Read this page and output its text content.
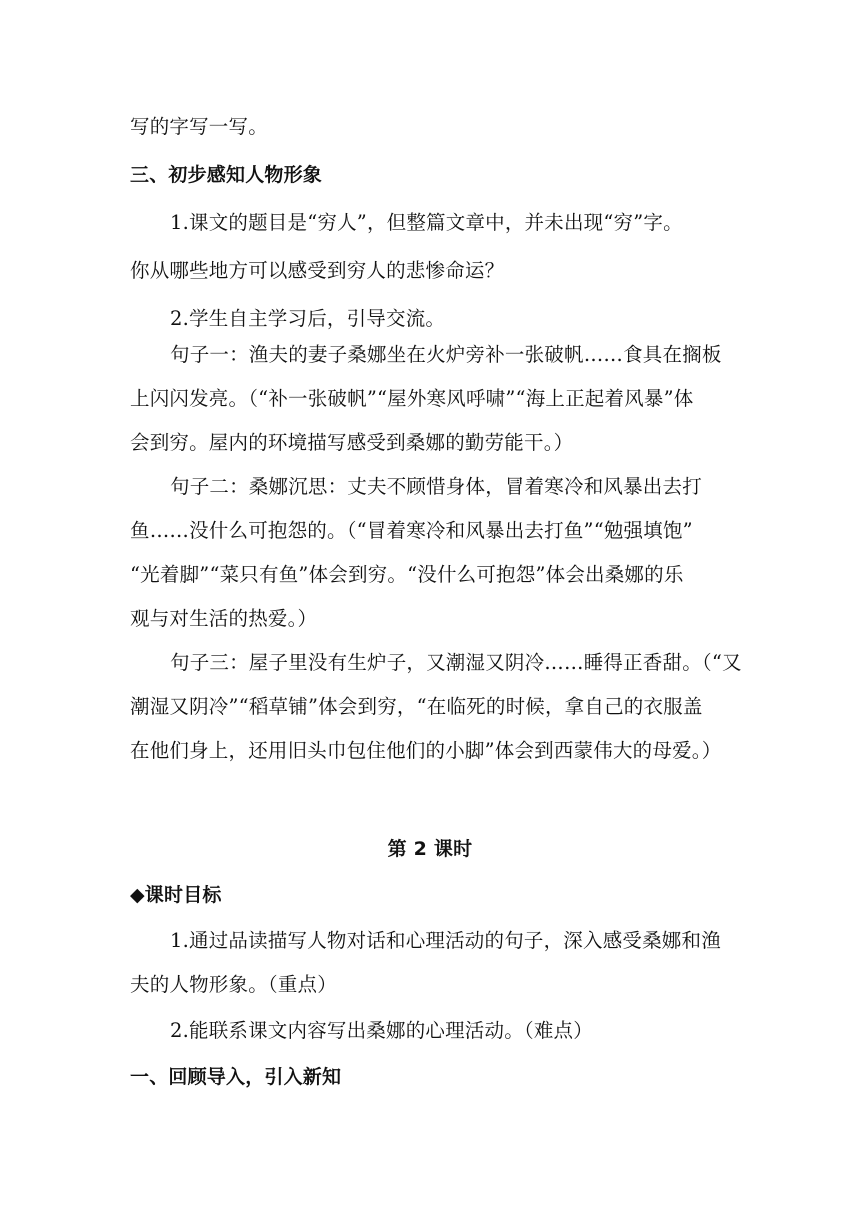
写的字写一写。
三、初步感知人物形象
1.课文的题目是“穷人”，但整篇文章中，并未出现“穷”字。
你从哪些地方可以感受到穷人的悲惨命运？
2.学生自主学习后，引导交流。
句子一：渔夫的妻子桑娜坐在火炉旁补一张破帆……食具在搁板
上闪闪发亮。（“补一张破帆”“屋外寒风呼啸”“海上正起着风暴”体
会到穷。屋内的环境描写感受到桑娜的勤劳能干。）
句子二：桑娜沉思：丈夫不顾惜身体，冒着寒冷和风暴出去打
鱼……没什么可抱怨的。（“冒着寒冷和风暴出去打鱼”“勉强填饱”
“光着脚”“菜只有鱼”体会到穷。“没什么可抱怨”体会出桑娜的乐
观与对生活的热爱。）
句子三：屋子里没有生炉子，又潮湿又阴冷……睡得正香甜。（“又
潮湿又阴冷”“稻草铺”体会到穷，“在临死的时候，拿自己的衣服盖
在他们身上，还用旧头巾包住他们的小脚”体会到西蒙伟大的母爱。）
第 2 课时
◆课时目标
1.通过品读描写人物对话和心理活动的句子，深入感受桑娜和渔
夫的人物形象。（重点）
2.能联系课文内容写出桑娜的心理活动。（难点）
一、回顾导入，引入新知
